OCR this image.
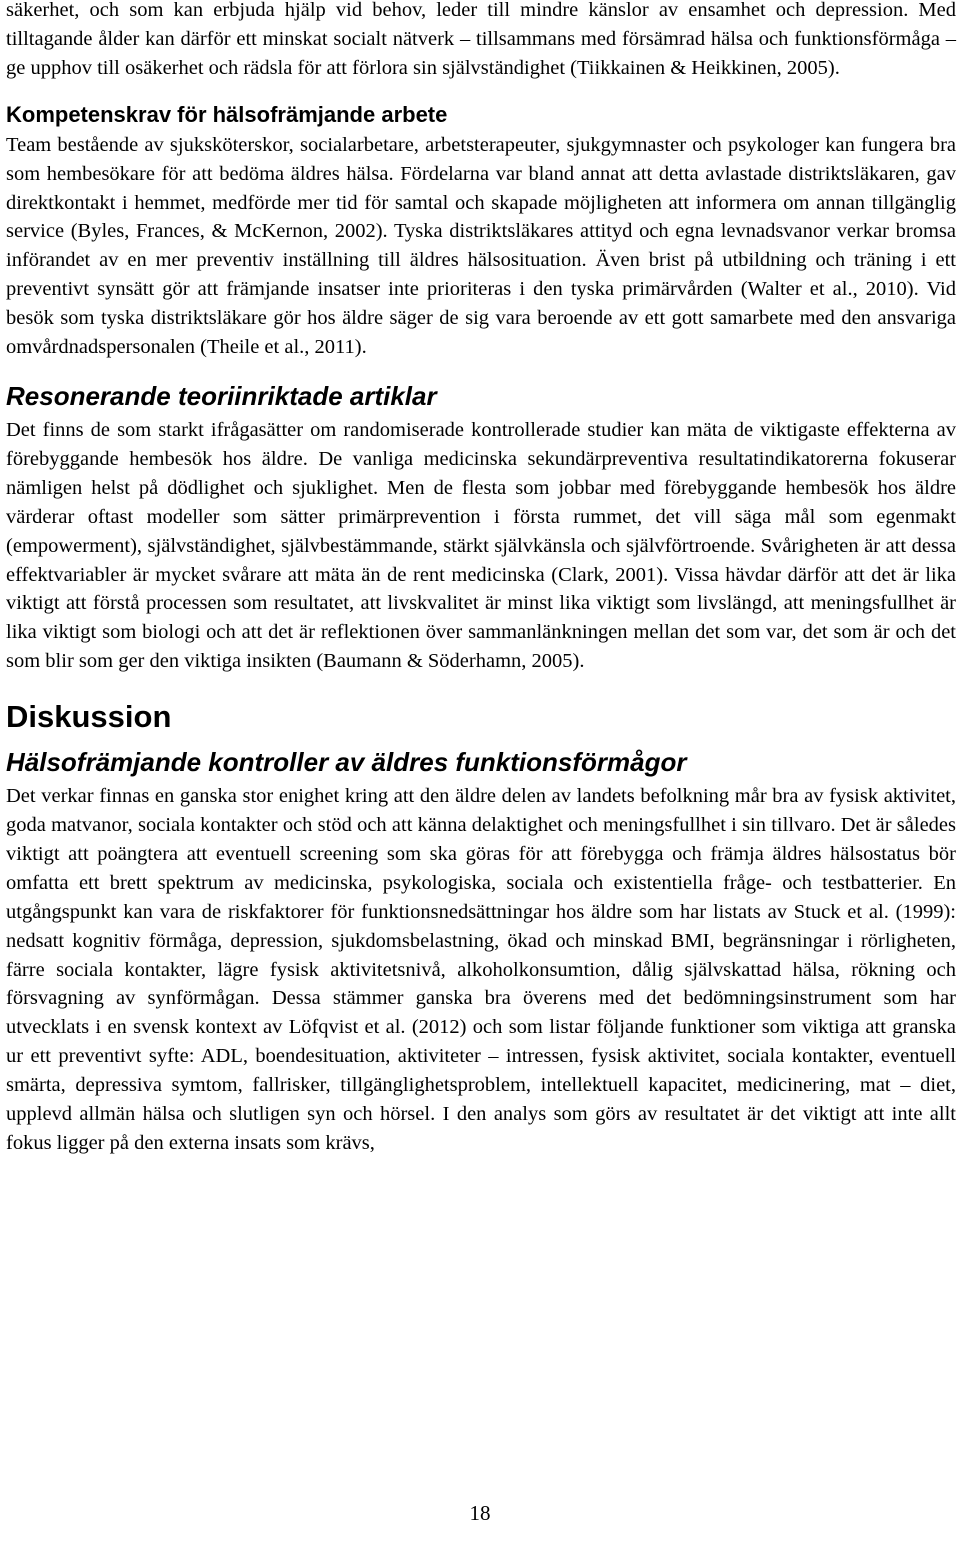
säkerhet, och som kan erbjuda hjälp vid behov, leder till mindre känslor av ensamhet och depression. Med tilltagande ålder kan därför ett minskat socialt nätverk – tillsammans med försämrad hälsa och funktionsförmåga – ge upphov till osäkerhet och rädsla för att förlora sin självständighet (Tiikkainen & Heikkinen, 2005).

Kompetenskrav för hälsofrämjande arbete

Team bestående av sjuksköterskor, socialarbetare, arbetsterapeuter, sjukgymnaster och psykologer kan fungera bra som hembesökare för att bedöma äldres hälsa. Fördelarna var bland annat att detta avlastade distriktsläkaren, gav direktkontakt i hemmet, medförde mer tid för samtal och skapade möjligheten att informera om annan tillgänglig service (Byles, Frances, & McKernon, 2002). Tyska distriktsläkares attityd och egna levnadsvanor verkar bromsa införandet av en mer preventiv inställning till äldres hälsosituation. Även brist på utbildning och träning i ett preventivt synsätt gör att främjande insatser inte prioriteras i den tyska primärvården (Walter et al., 2010). Vid besök som tyska distriktsläkare gör hos äldre säger de sig vara beroende av ett gott samarbete med den ansvariga omvårdnadspersonalen (Theile et al., 2011).

Resonerande teoriinriktade artiklar

Det finns de som starkt ifrågasätter om randomiserade kontrollerade studier kan mäta de viktigaste effekterna av förebyggande hembesök hos äldre. De vanliga medicinska sekundärpreventiva resultatindikatorerna fokuserar nämligen helst på dödlighet och sjuklighet. Men de flesta som jobbar med förebyggande hembesök hos äldre värderar oftast modeller som sätter primärprevention i första rummet, det vill säga mål som egenmakt (empowerment), självständighet, självbestämmande, stärkt självkänsla och självförtroende. Svårigheten är att dessa effektvariabler är mycket svårare att mäta än de rent medicinska (Clark, 2001). Vissa hävdar därför att det är lika viktigt att förstå processen som resultatet, att livskvalitet är minst lika viktigt som livslängd, att meningsfullhet är lika viktigt som biologi och att det är reflektionen över sammanlänkningen mellan det som var, det som är och det som blir som ger den viktiga insikten (Baumann & Söderhamn, 2005).

Diskussion
Hälsofrämjande kontroller av äldres funktionsförmågor

Det verkar finnas en ganska stor enighet kring att den äldre delen av landets befolkning mår bra av fysisk aktivitet, goda matvanor, sociala kontakter och stöd och att känna delaktighet och meningsfullhet i sin tillvaro. Det är således viktigt att poängtera att eventuell screening som ska göras för att förebygga och främja äldres hälsostatus bör omfatta ett brett spektrum av medicinska, psykologiska, sociala och existentiella fråge- och testbatterier. En utgångspunkt kan vara de riskfaktorer för funktionsnedsättningar hos äldre som har listats av Stuck et al. (1999): nedsatt kognitiv förmåga, depression, sjukdomsbelastning, ökad och minskad BMI, begränsningar i rörligheten, färre sociala kontakter, lägre fysisk aktivitetsnivå, alkoholkonsumtion, dålig självskattad hälsa, rökning och försvagning av synförmågan. Dessa stämmer ganska bra överens med det bedömningsinstrument som har utvecklats i en svensk kontext av Löfqvist et al. (2012) och som listar följande funktioner som viktiga att granska ur ett preventivt syfte: ADL, boendesituation, aktiviteter – intressen, fysisk aktivitet, sociala kontakter, eventuell smärta, depressiva symtom, fallrisker, tillgänglighetsproblem, intellektuell kapacitet, medicinering, mat – diet, upplevd allmän hälsa och slutligen syn och hörsel. I den analys som görs av resultatet är det viktigt att inte allt fokus ligger på den externa insats som krävs,

18
